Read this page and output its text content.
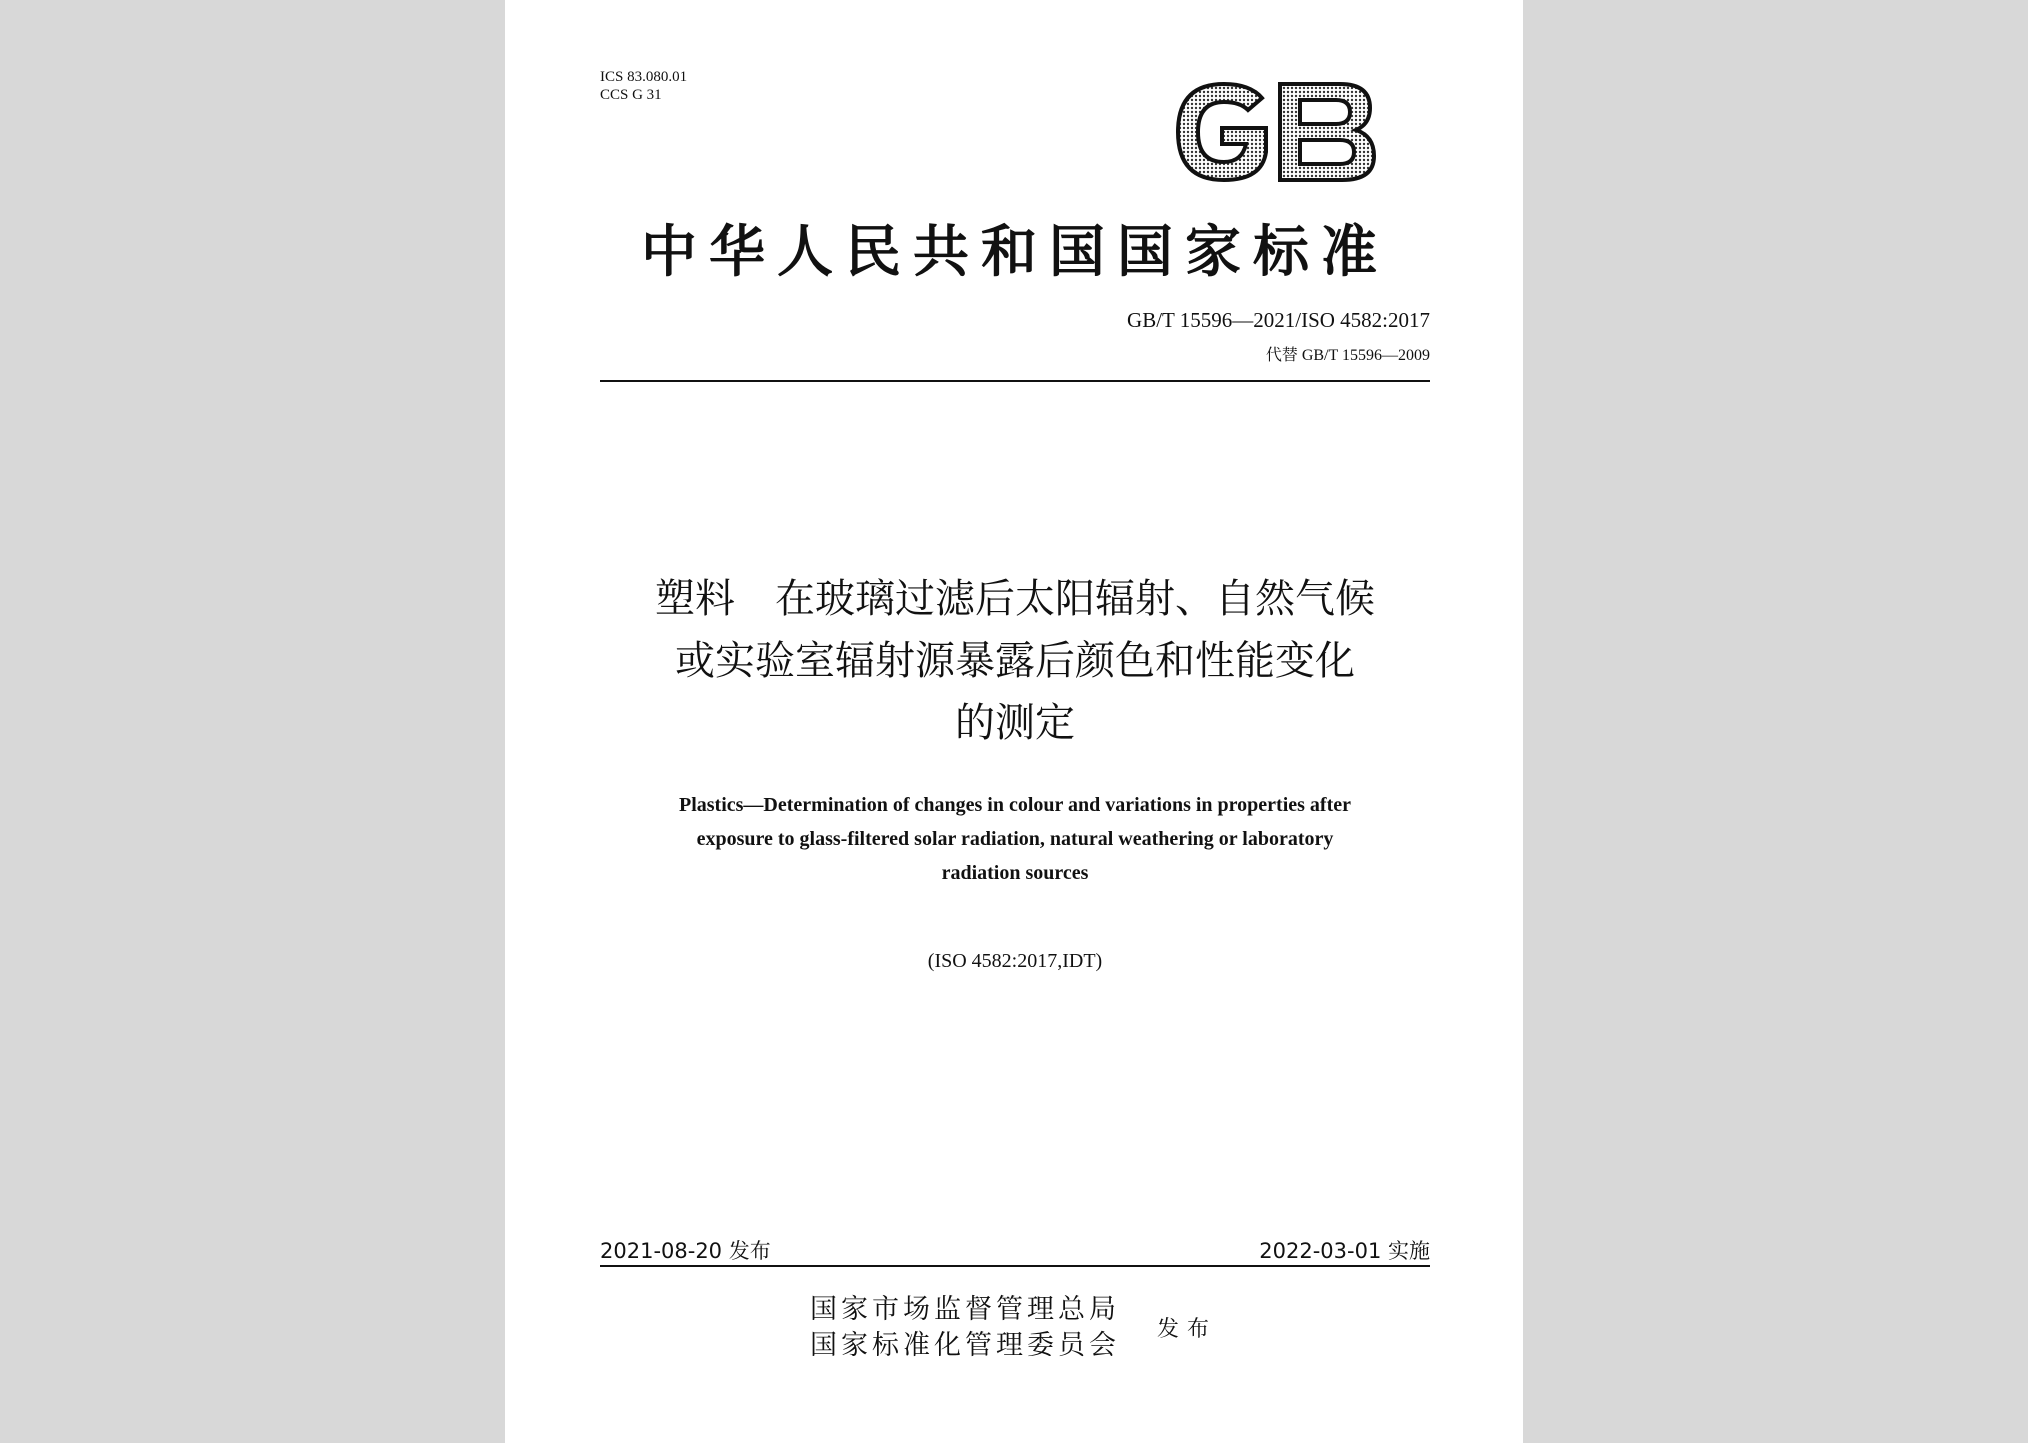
ICS 83.080.01
CCS G 31
中华人民共和国国家标准
GB/T 15596—2021/ISO 4582:2017
代替 GB/T 15596—2009
塑料　在玻璃过滤后太阳辐射、自然气候
或实验室辐射源暴露后颜色和性能变化
的测定
Plastics—Determination of changes in colour and variations in properties after
exposure to glass-filtered solar radiation, natural weathering or laboratory
radiation sources
(ISO 4582:2017,IDT)
2021-08-20 发布	2022-03-01 实施
国家市场监督管理总局
国家标准化管理委员会
发布
